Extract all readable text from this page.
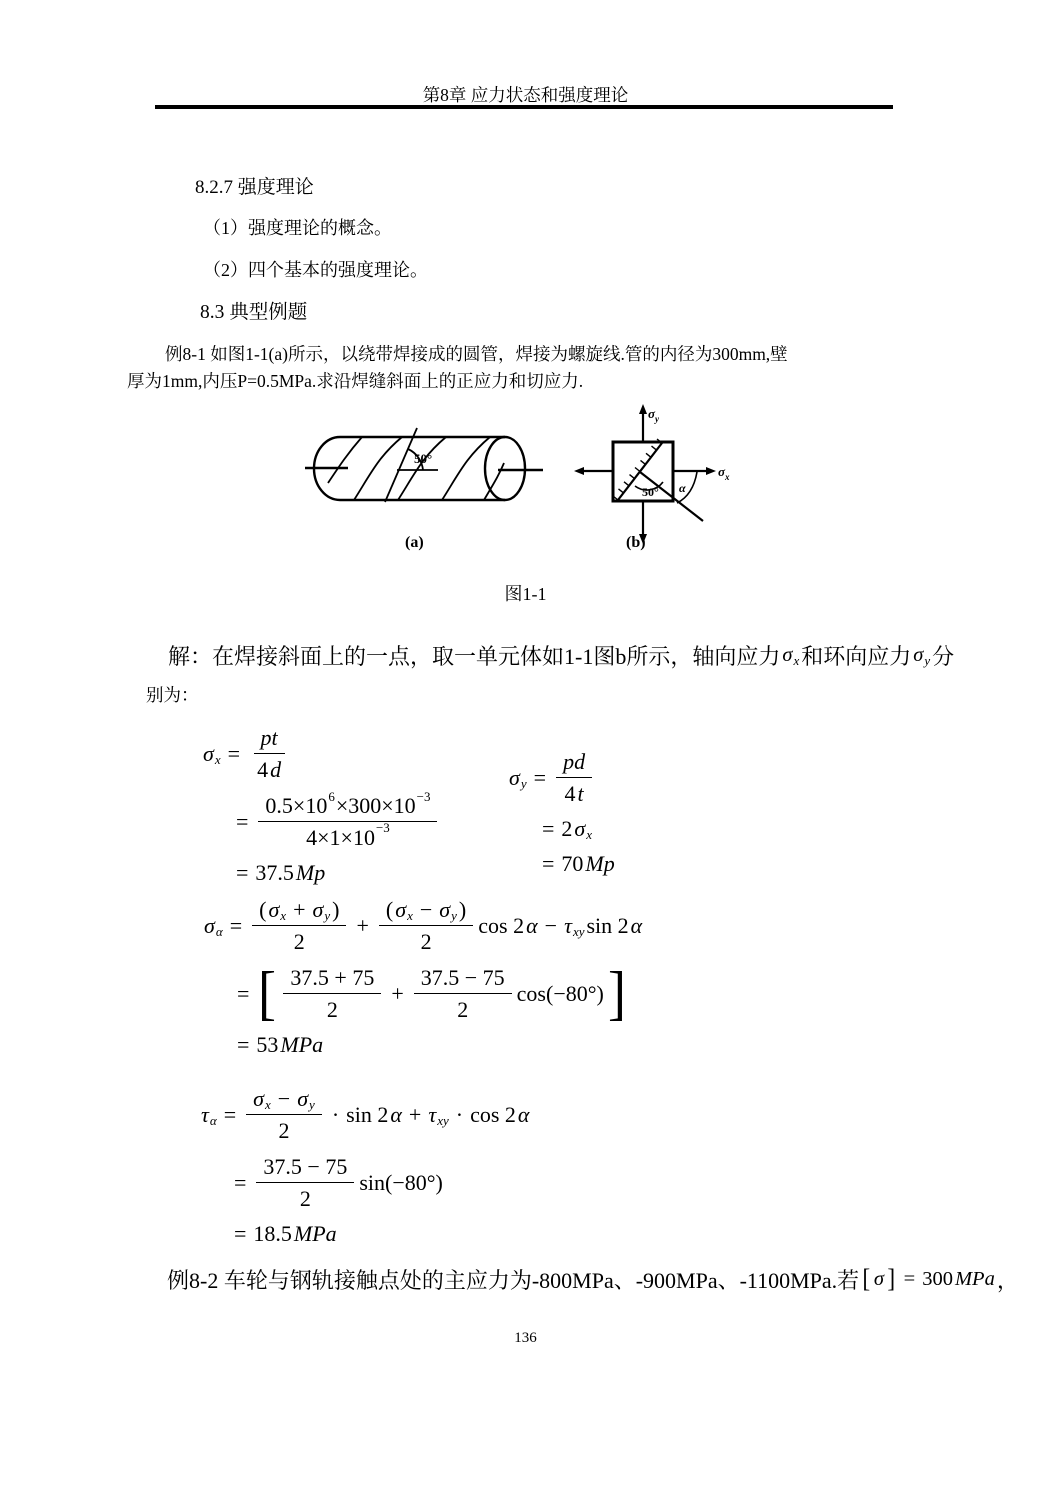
第8章 应力状态和强度理论
8.2.7 强度理论
（1）强度理论的概念。
（2）四个基本的强度理论。
8.3 典型例题
例8-1 如图1-1(a)所示，以绕带焊接成的圆管，焊接为螺旋线.管的内径为300mm,壁
厚为1mm,内压P=0.5MPa.求沿焊缝斜面上的正应力和切应力.
50°
$\sigma_y$
$\sigma_x$
50° α
(a)	(b)
图1-1
解：在焊接斜面上的一点，取一单元体如1-1图b所示，轴向应力 $\sigma_x$ 和环向应力 $\sigma_y$ 分
别为：
$\sigma_x = \frac{pt}{4 d}$
= $\frac{0.5\times 10^6 \times 300\times 10^{-3}}{4\times 1\times 10^{-3}}$
= 37.5 Mp
$\sigma_y = \frac{pd}{4 t}$
= 2 $\sigma_x$
= 70 Mp
$\sigma_\alpha = \frac{( \sigma_x + \sigma_y )}{2} + \frac{( \sigma_x - \sigma_y )}{2}$ cos 2 $\alpha - \tau_{xy}$ sin 2 α
= [ $\frac{37.5 + 75}{2} + \frac{37.5 - 75}{2} \cos(-80^\circ)$ ]
= 53 MPa
$\tau_\alpha = \frac{\sigma_x - \sigma_y}{2} \cdot \sin 2$ $\alpha + \tau_{xy} \cdot \cos 2$ α
= $\frac{37.5 - 75}{2} \sin(-80^\circ)$
= 18.5 MPa
例8-2 车轮与钢轨接触点处的主应力为-800MPa、-900MPa、-1100MPa.若 [ σ ] = 300 MPa ，
136
